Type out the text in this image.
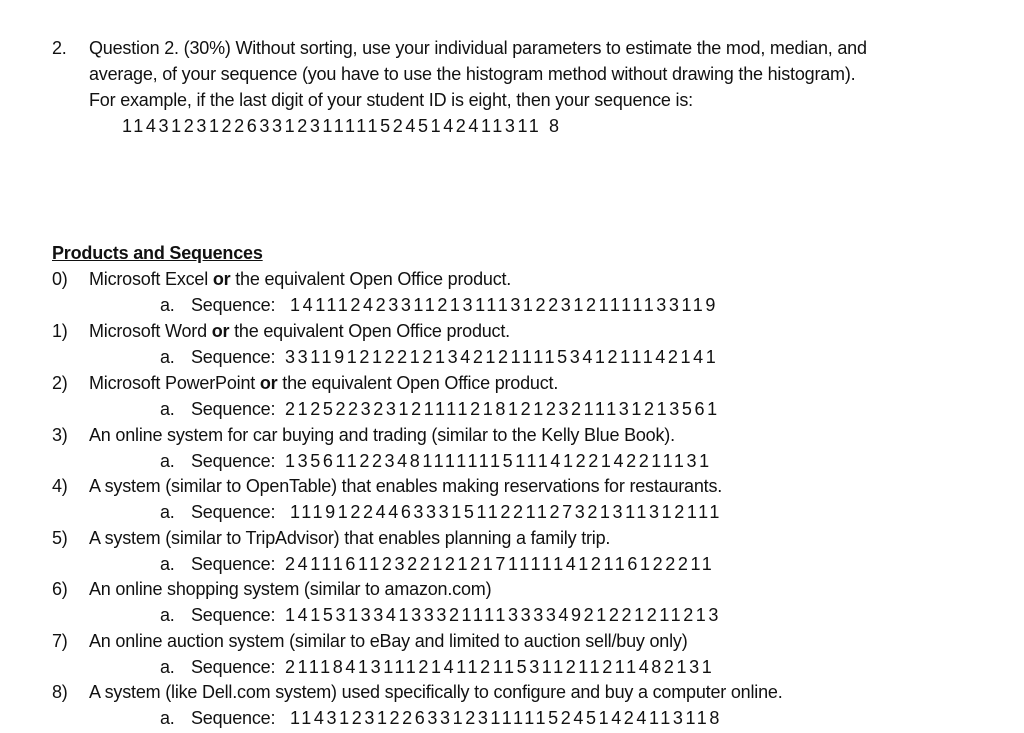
2. Question 2. (30%) Without sorting, use your individual parameters to estimate the mod, median, and
average, of your sequence (you have to use the histogram method without drawing the histogram).
For example, if the last digit of your student ID is eight, then your sequence is:
1143123122633123111115245142411311 8
Products and Sequences
0) Microsoft Excel or the equivalent Open Office product.
a. Sequence: 14111242331121311131223121111133119
1) Microsoft Word or the equivalent Open Office product.
a. Sequence: 33119121221213421211115341211142141
2) Microsoft PowerPoint or the equivalent Open Office product.
a. Sequence: 21252232312111121812123211131213561
3) An online system for car buying and trading (similar to the Kelly Blue Book).
a. Sequence: 13561122348111111151114122142211131
4) A system (similar to OpenTable) that enables making reservations for restaurants.
a. Sequence: 11191224463331511221127321311312111
5) A system (similar to TripAdvisor) that enables planning a family trip.
a. Sequence: 24111611232212121711111412116122211
6) An online shopping system (similar to amazon.com)
a. Sequence: 14153133413332111133334921221211213
7) An online auction system (similar to eBay and limited to auction sell/buy only)
a. Sequence: 21118413111214112115311211211482131
8) A system (like Dell.com system) used specifically to configure and buy a computer online.
a. Sequence: 11431231226331231111152451424113118
